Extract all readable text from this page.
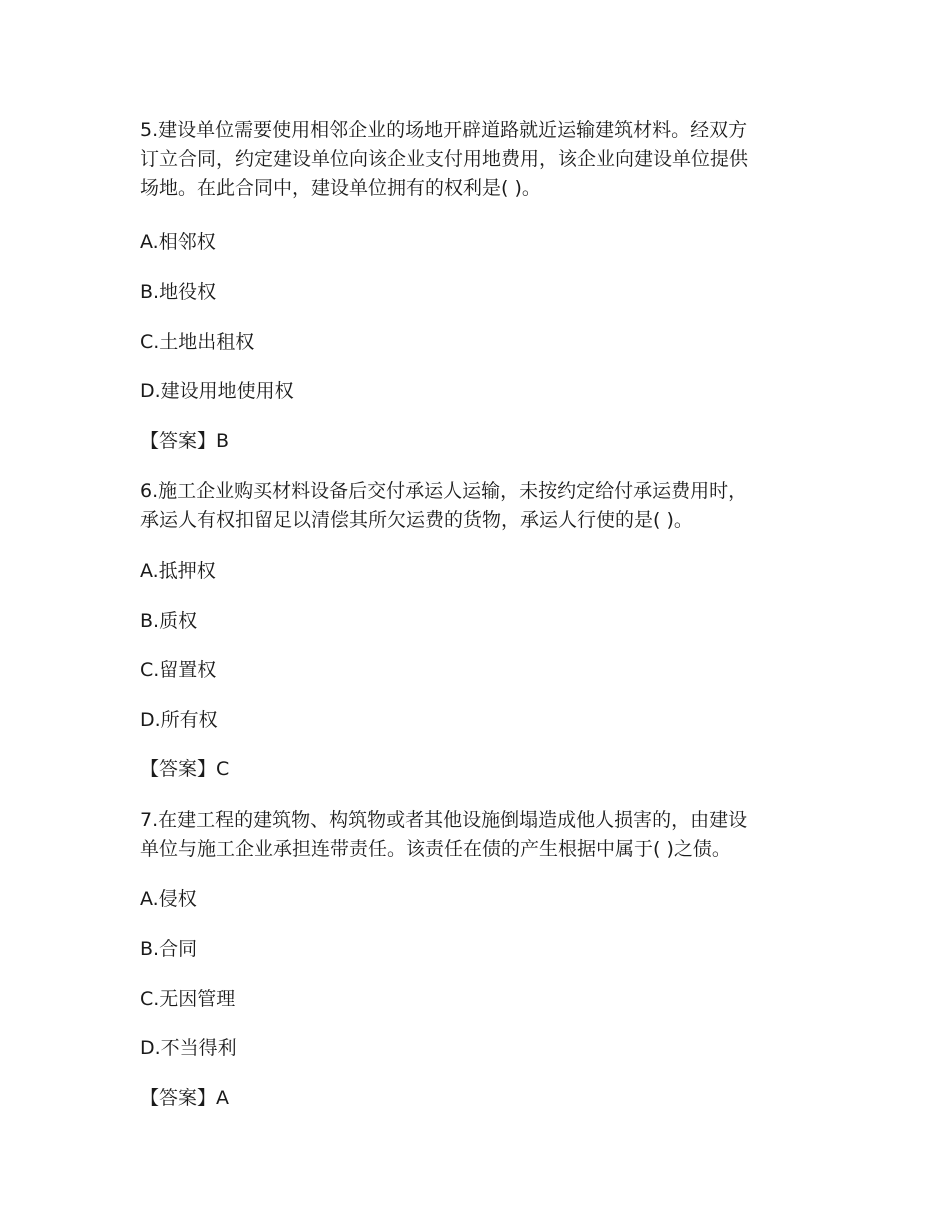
5.建设单位需要使用相邻企业的场地开辟道路就近运输建筑材料。经双方
订立合同，约定建设单位向该企业支付用地费用，该企业向建设单位提供
场地。在此合同中，建设单位拥有的权利是( )。
A.相邻权
B.地役权
C.土地出租权
D.建设用地使用权
【答案】B
6.施工企业购买材料设备后交付承运人运输，未按约定给付承运费用时，
承运人有权扣留足以清偿其所欠运费的货物，承运人行使的是( )。
A.抵押权
B.质权
C.留置权
D.所有权
【答案】C
7.在建工程的建筑物、构筑物或者其他设施倒塌造成他人损害的，由建设
单位与施工企业承担连带责任。该责任在债的产生根据中属于( )之债。
A.侵权
B.合同
C.无因管理
D.不当得利
【答案】A
